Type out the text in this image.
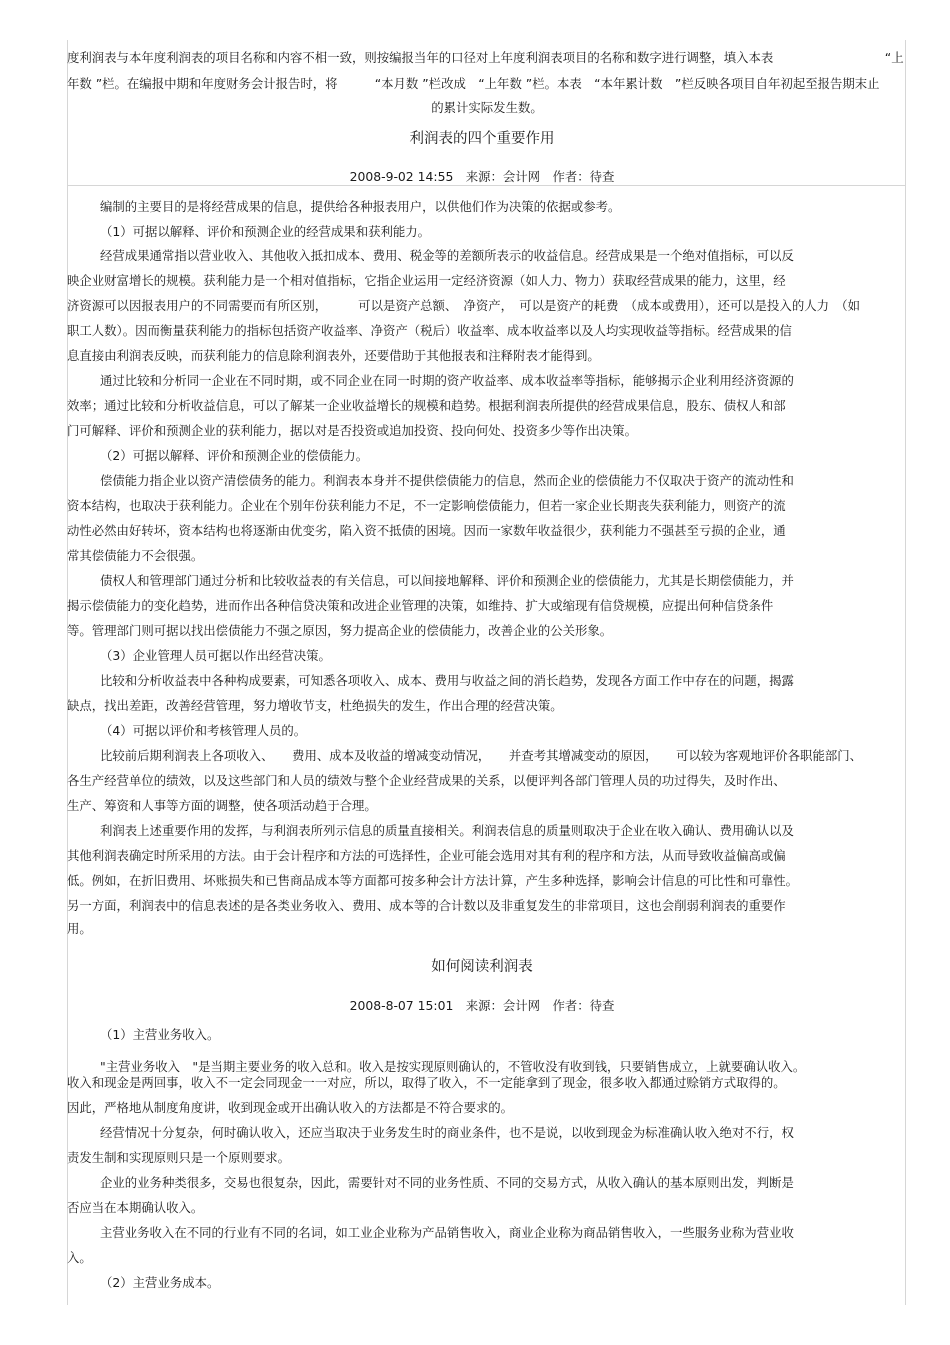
度利润表与本年度利润表的项目名称和内容不相一致，则按编报当年的口径对上年度利润表项目的名称和数字进行调整，填入本表　　　　　　　　　“上
年数 ”栏。在编报中期和年度财务会计报告时，将　　　“本月数 ”栏改成　“上年数 ”栏。本表　“本年累计数　”栏反映各项目自年初起至报告期末止
的累计实际发生数。
利润表的四个重要作用
2008-9-02 14:55　来源：会计网　作者：待查
编制的主要目的是将经营成果的信息，提供给各种报表用户，以供他们作为决策的依据或参考。
（1）可据以解释、评价和预测企业的经营成果和获利能力。
经营成果通常指以营业收入、其他收入抵扣成本、费用、税金等的差额所表示的收益信息。经营成果是一个绝对值指标，可以反
映企业财富增长的规模。获利能力是一个相对值指标，它指企业运用一定经济资源（如人力、物力）获取经营成果的能力，这里，经
济资源可以因报表用户的不同需要而有所区别，　　　可以是资产总额、　净资产，　可以是资产的耗费　（成本或费用），还可以是投入的人力　（如
职工人数）。因而衡量获利能力的指标包括资产收益率、净资产（税后）收益率、成本收益率以及人均实现收益等指标。经营成果的信
息直接由利润表反映，而获利能力的信息除利润表外，还要借助于其他报表和注释附表才能得到。
通过比较和分析同一企业在不同时期，或不同企业在同一时期的资产收益率、成本收益率等指标，能够揭示企业利用经济资源的
效率；通过比较和分析收益信息，可以了解某一企业收益增长的规模和趋势。根据利润表所提供的经营成果信息，股东、债权人和部
门可解释、评价和预测企业的获利能力，据以对是否投资或追加投资、投向何处、投资多少等作出决策。
（2）可据以解释、评价和预测企业的偿债能力。
偿债能力指企业以资产清偿债务的能力。利润表本身并不提供偿债能力的信息，然而企业的偿债能力不仅取决于资产的流动性和
资本结构，也取决于获利能力。企业在个别年份获利能力不足，不一定影响偿债能力，但若一家企业长期丧失获利能力，则资产的流
动性必然由好转坏，资本结构也将逐渐由优变劣，陷入资不抵债的困境。因而一家数年收益很少，获利能力不强甚至亏损的企业，通
常其偿债能力不会很强。
债权人和管理部门通过分析和比较收益表的有关信息，可以间接地解释、评价和预测企业的偿债能力，尤其是长期偿债能力，并
揭示偿债能力的变化趋势，进而作出各种信贷决策和改进企业管理的决策，如维持、扩大或缩现有信贷规模，应提出何种信贷条件
等。管理部门则可据以找出偿债能力不强之原因，努力提高企业的偿债能力，改善企业的公关形象。
（3）企业管理人员可据以作出经营决策。
比较和分析收益表中各种构成要素，可知悉各项收入、成本、费用与收益之间的消长趋势，发现各方面工作中存在的问题，揭露
缺点，找出差距，改善经营管理，努力增收节支，杜绝损失的发生，作出合理的经营决策。
（4）可据以评价和考核管理人员的。
比较前后期利润表上各项收入、　　费用、成本及收益的增减变动情况，　　并查考其增减变动的原因，　　可以较为客观地评价各职能部门、
各生产经营单位的绩效，以及这些部门和人员的绩效与整个企业经营成果的关系，以便评判各部门管理人员的功过得失，及时作出、
生产、筹资和人事等方面的调整，使各项活动趋于合理。
利润表上述重要作用的发挥，与利润表所列示信息的质量直接相关。利润表信息的质量则取决于企业在收入确认、费用确认以及
其他利润表确定时所采用的方法。由于会计程序和方法的可选择性，企业可能会选用对其有利的程序和方法，从而导致收益偏高或偏
低。例如，在折旧费用、坏账损失和已售商品成本等方面都可按多种会计方法计算，产生多种选择，影响会计信息的可比性和可靠性。
另一方面，利润表中的信息表述的是各类业务收入、费用、成本等的合计数以及非重复发生的非常项目，这也会削弱利润表的重要作
用。
如何阅读利润表
2008-8-07 15:01　来源：会计网　作者：待查
（1）主营业务收入。
"主营业务收入　"是当期主要业务的收入总和。收入是按实现原则确认的，不管收没有收到钱，只要销售成立，上就要确认收入。
收入和现金是两回事，收入不一定会同现金一一对应，所以，取得了收入，不一定能拿到了现金，很多收入都通过赊销方式取得的。
因此，严格地从制度角度讲，收到现金或开出确认收入的方法都是不符合要求的。
经营情况十分复杂，何时确认收入，还应当取决于业务发生时的商业条件，也不是说，以收到现金为标准确认收入绝对不行，权
责发生制和实现原则只是一个原则要求。
企业的业务种类很多，交易也很复杂，因此，需要针对不同的业务性质、不同的交易方式，从收入确认的基本原则出发，判断是
否应当在本期确认收入。
主营业务收入在不同的行业有不同的名词，如工业企业称为产品销售收入，商业企业称为商品销售收入，一些服务业称为营业收
入。
（2）主营业务成本。
